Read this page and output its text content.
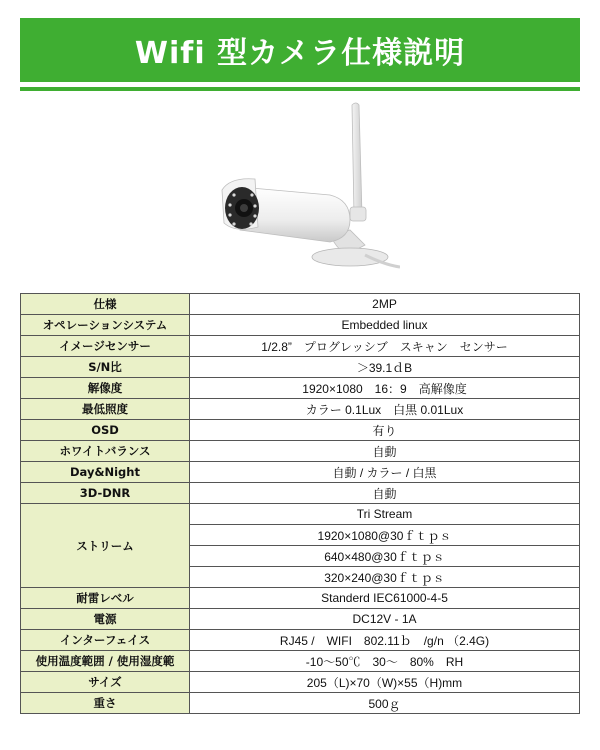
Wifi 型カメラ仕様説明
仕様	2MP
オペレーションシステム	Embedded linux
イメージセンサー	1/2.8”　プログレッシブ　スキャン　センサー
S/N比	＞39.1ｄB
解像度	1920×1080　16：9　高解像度
最低照度	カラー 0.1Lux　白黒 0.01Lux
OSD	有り
ホワイトバランス	自動
Day&Night	自動 / カラー / 白黒
3D-DNR	自動
ストリーム	Tri Stream
	1920×1080@30ｆｔｐｓ
	640×480@30ｆｔｐｓ
	320×240@30ｆｔｐｓ
耐雷レベル	Standerd IEC61000-4-5
電源	DC12V - 1A
インターフェイス	RJ45 /　WIFI　802.11ｂ　/g/n （2.4G)
使用温度範囲 / 使用湿度範	-10～50℃　30～　80%　RH
サイズ	205（L)×70（W)×55（H)mm
重さ	500ｇ
